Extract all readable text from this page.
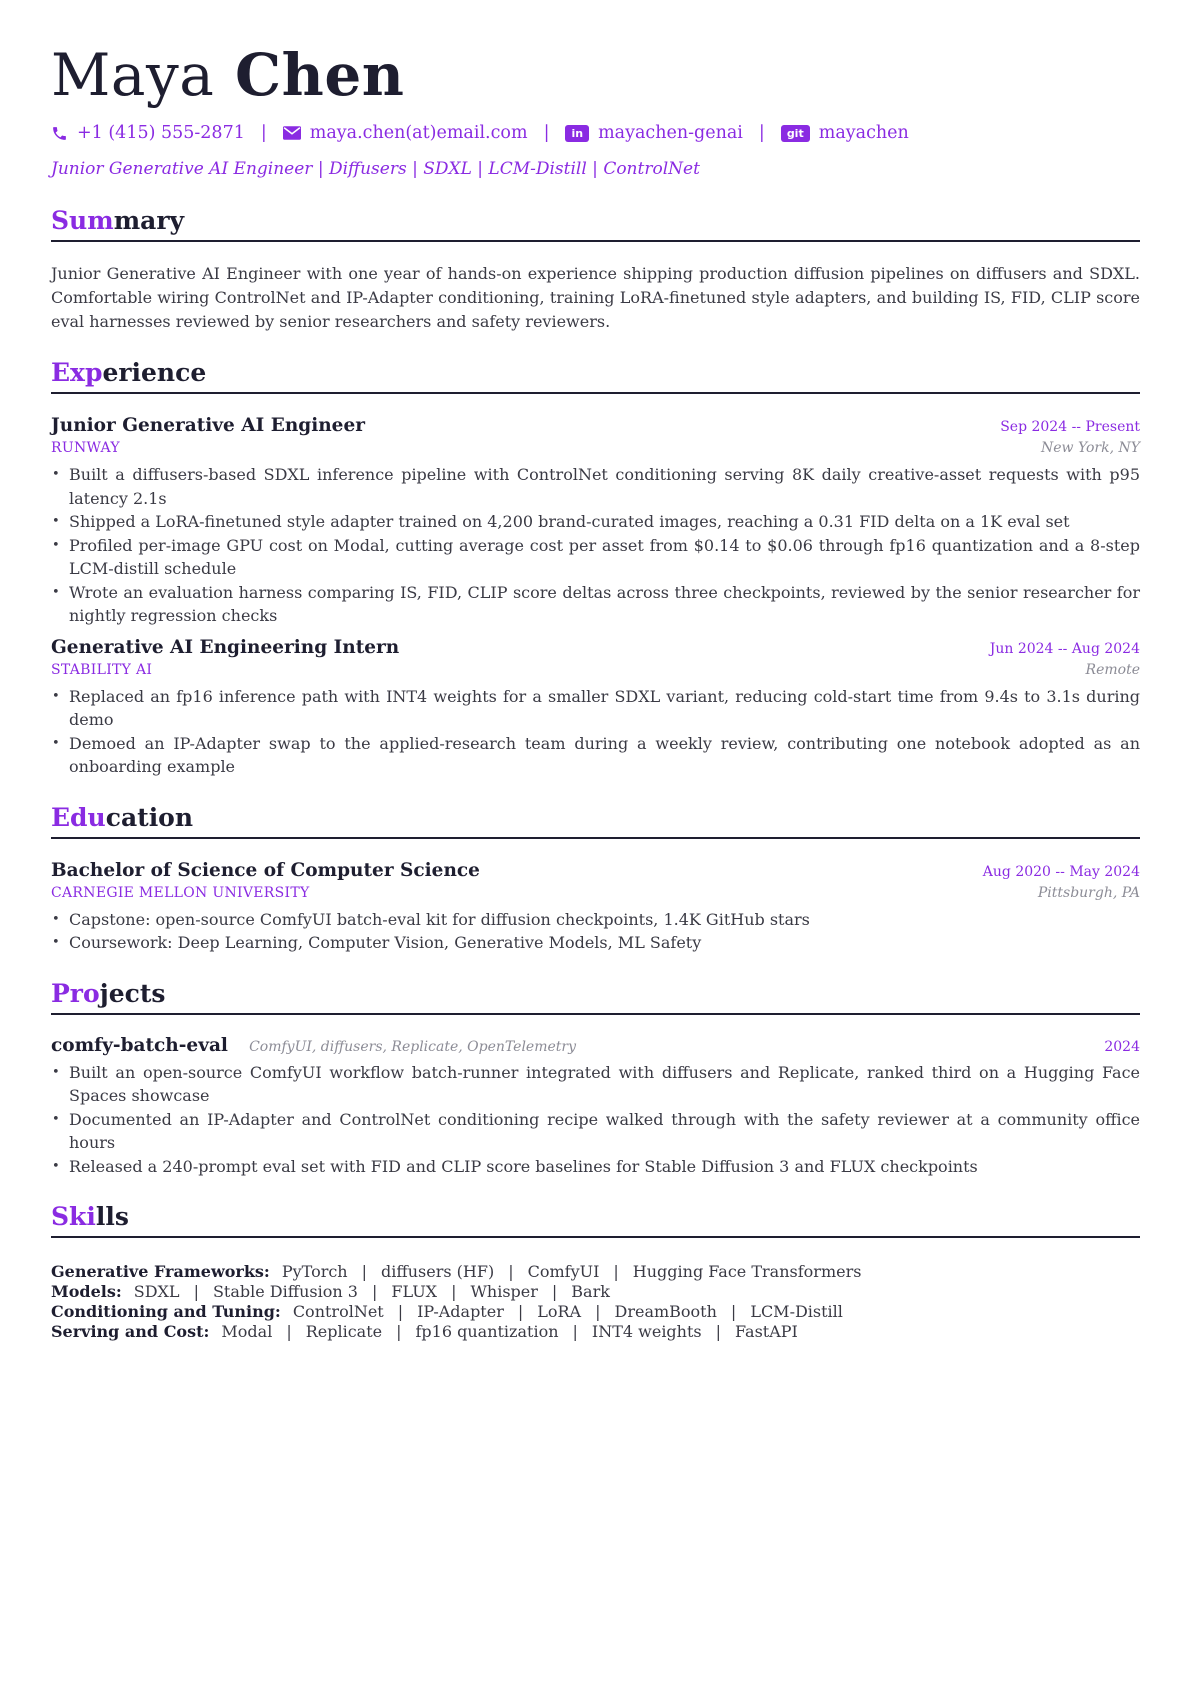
Maya Chen
+1 (415) 555-2871 | maya.chen(at)email.com |	in mayachen-genai |	git mayachen
Junior Generative AI Engineer | Diffusers | SDXL | LCM-Distill | ControlNet
Summary

Junior Generative AI Engineer with one year of hands-on experience shipping production diffusion pipelines on diffusers and SDXL. Comfortable wiring ControlNet and IP-Adapter conditioning, training LoRA-finetuned style adapters, and building IS, FID, CLIP score eval harnesses reviewed by senior researchers and safety reviewers.

Experience
Junior Generative AI Engineer	Sep 2024 -- Present
RUNWAY	New York, NY
• Built a diffusers-based SDXL inference pipeline with ControlNet conditioning serving 8K daily creative-asset requests with p95 latency 2.1s
• Shipped a LoRA-finetuned style adapter trained on 4,200 brand-curated images, reaching a 0.31 FID delta on a 1K eval set
• Profiled per-image GPU cost on Modal, cutting average cost per asset from $0.14 to $0.06 through fp16 quantization and a 8-step LCM-distill schedule
• Wrote an evaluation harness comparing IS, FID, CLIP score deltas across three checkpoints, reviewed by the senior researcher for nightly regression checks
Generative AI Engineering Intern	Jun 2024 -- Aug 2024
STABILITY AI	Remote
• Replaced an fp16 inference path with INT4 weights for a smaller SDXL variant, reducing cold-start time from 9.4s to 3.1s during demo
• Demoed an IP-Adapter swap to the applied-research team during a weekly review, contributing one notebook adopted as an onboarding example
Education
Bachelor of Science of Computer Science	Aug 2020 -- May 2024
CARNEGIE MELLON UNIVERSITY	Pittsburgh, PA
• Capstone: open-source ComfyUI batch-eval kit for diffusion checkpoints, 1.4K GitHub stars
• Coursework: Deep Learning, Computer Vision, Generative Models, ML Safety
Projects
comfy-batch-eval ComfyUI, diffusers, Replicate, OpenTelemetry	2024
• Built an open-source ComfyUI workflow batch-runner integrated with diffusers and Replicate, ranked third on a Hugging Face Spaces showcase
• Documented an IP-Adapter and ControlNet conditioning recipe walked through with the safety reviewer at a community office hours
• Released a 240-prompt eval set with FID and CLIP score baselines for Stable Diffusion 3 and FLUX checkpoints
Skills
Generative Frameworks: PyTorch | diffusers (HF) | ComfyUI | Hugging Face Transformers
Models: SDXL | Stable Diffusion 3 | FLUX | Whisper | Bark
Conditioning and Tuning: ControlNet | IP-Adapter | LoRA | DreamBooth | LCM-Distill
Serving and Cost: Modal | Replicate | fp16 quantization | INT4 weights | FastAPI
